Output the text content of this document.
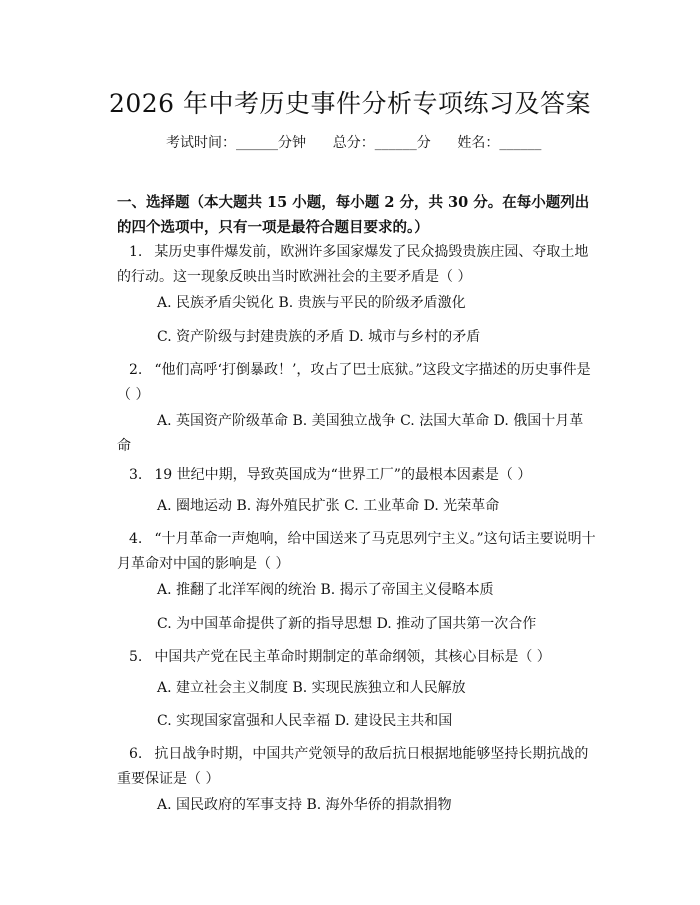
2026 年中考历史事件分析专项练习及答案
考试时间：______分钟 总分：______分 姓名：______
一、选择题（本大题共 15 小题，每小题 2 分，共 30 分。在每小题列出的四个选项中，只有一项是最符合题目要求的。）
1. 某历史事件爆发前，欧洲许多国家爆发了民众捣毁贵族庄园、夺取土地的行动。这一现象反映出当时欧洲社会的主要矛盾是（ ）
A. 民族矛盾尖锐化 B. 贵族与平民的阶级矛盾激化
C. 资产阶级与封建贵族的矛盾 D. 城市与乡村的矛盾
2. “他们高呼‘打倒暴政！’，攻占了巴士底狱。”这段文字描述的历史事件是（ ）
A. 英国资产阶级革命 B. 美国独立战争 C. 法国大革命 D. 俄国十月革
命
3. 19 世纪中期，导致英国成为“世界工厂”的最根本因素是（ ）
A. 圈地运动 B. 海外殖民扩张 C. 工业革命 D. 光荣革命
4. “十月革命一声炮响，给中国送来了马克思列宁主义。”这句话主要说明十月革命对中国的影响是（ ）
A. 推翻了北洋军阀的统治 B. 揭示了帝国主义侵略本质
C. 为中国革命提供了新的指导思想 D. 推动了国共第一次合作
5. 中国共产党在民主革命时期制定的革命纲领，其核心目标是（ ）
A. 建立社会主义制度 B. 实现民族独立和人民解放
C. 实现国家富强和人民幸福 D. 建设民主共和国
6. 抗日战争时期，中国共产党领导的敌后抗日根据地能够坚持长期抗战的重要保证是（ ）
A. 国民政府的军事支持 B. 海外华侨的捐款捐物
